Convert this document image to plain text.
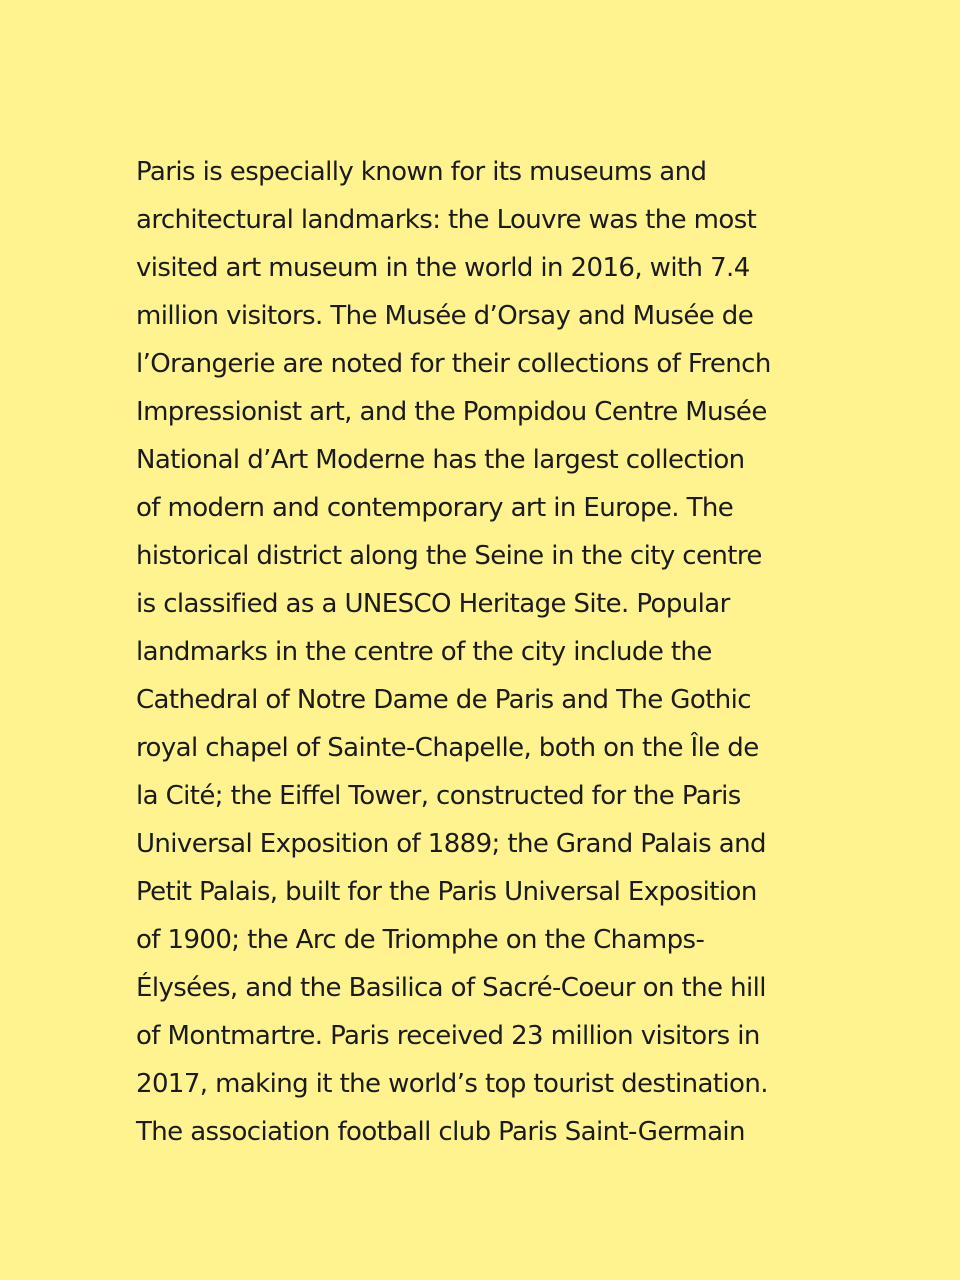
Paris is especially known for its museums and
architectural landmarks: the Louvre was the most
visited art museum in the world in 2016, with 7.4
million visitors. The Musée d’Orsay and Musée de
l’Orangerie are noted for their collections of French
Impressionist art, and the Pompidou Centre Musée
National d’Art Moderne has the largest collection
of modern and contemporary art in Europe. The
historical district along the Seine in the city centre
is classified as a UNESCO Heritage Site. Popular
landmarks in the centre of the city include the
Cathedral of Notre Dame de Paris and The Gothic
royal chapel of Sainte-Chapelle, both on the Île de
la Cité; the Eiffel Tower, constructed for the Paris
Universal Exposition of 1889; the Grand Palais and
Petit Palais, built for the Paris Universal Exposition
of 1900; the Arc de Triomphe on the Champs-
Élysées, and the Basilica of Sacré-Coeur on the hill
of Montmartre. Paris received 23 million visitors in
2017, making it the world’s top tourist destination.
The association football club Paris Saint-Germain
